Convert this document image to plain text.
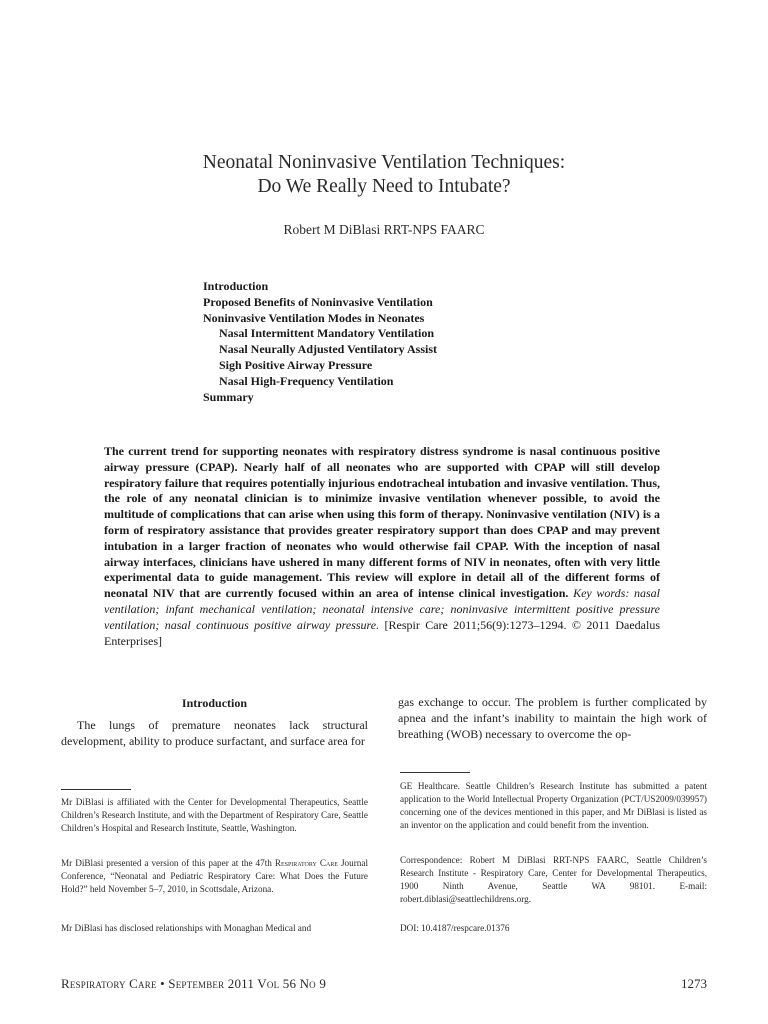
Neonatal Noninvasive Ventilation Techniques:
Do We Really Need to Intubate?
Robert M DiBlasi RRT-NPS FAARC
Introduction
Proposed Benefits of Noninvasive Ventilation
Noninvasive Ventilation Modes in Neonates
Nasal Intermittent Mandatory Ventilation
Nasal Neurally Adjusted Ventilatory Assist
Sigh Positive Airway Pressure
Nasal High-Frequency Ventilation
Summary
The current trend for supporting neonates with respiratory distress syndrome is nasal continuous positive airway pressure (CPAP). Nearly half of all neonates who are supported with CPAP will still develop respiratory failure that requires potentially injurious endotracheal intubation and invasive ventilation. Thus, the role of any neonatal clinician is to minimize invasive ventilation whenever possible, to avoid the multitude of complications that can arise when using this form of therapy. Noninvasive ventilation (NIV) is a form of respiratory assistance that provides greater respiratory support than does CPAP and may prevent intubation in a larger fraction of neonates who would otherwise fail CPAP. With the inception of nasal airway interfaces, clinicians have ushered in many different forms of NIV in neonates, often with very little experimental data to guide management. This review will explore in detail all of the different forms of neonatal NIV that are currently focused within an area of intense clinical investigation. Key words: nasal ventilation; infant mechanical ventilation; neonatal intensive care; noninvasive intermittent positive pressure ventilation; nasal continuous positive airway pressure. [Respir Care 2011;56(9):1273–1294. © 2011 Daedalus Enterprises]
Introduction

The lungs of premature neonates lack structural development, ability to produce surfactant, and surface area for

gas exchange to occur. The problem is further complicated by apnea and the infant’s inability to maintain the high work of breathing (WOB) necessary to overcome the op-

Mr DiBlasi is affiliated with the Center for Developmental Therapeutics, Seattle Children’s Research Institute, and with the Department of Respiratory Care, Seattle Children’s Hospital and Research Institute, Seattle, Washington.

Mr DiBlasi presented a version of this paper at the 47th Respiratory Care Journal Conference, “Neonatal and Pediatric Respiratory Care: What Does the Future Hold?” held November 5–7, 2010, in Scottsdale, Arizona.

Mr DiBlasi has disclosed relationships with Monaghan Medical and

GE Healthcare. Seattle Children’s Research Institute has submitted a patent application to the World Intellectual Property Organization (PCT/US2009/039957) concerning one of the devices mentioned in this paper, and Mr DiBlasi is listed as an inventor on the application and could benefit from the invention.

Correspondence: Robert M DiBlasi RRT-NPS FAARC, Seattle Children’s Research Institute - Respiratory Care, Center for Developmental Therapeutics, 1900 Ninth Avenue, Seattle WA 98101. E-mail: robert.diblasi@seattlechildrens.org.

DOI: 10.4187/respcare.01376

Respiratory Care • September 2011 Vol 56 No 9	1273
